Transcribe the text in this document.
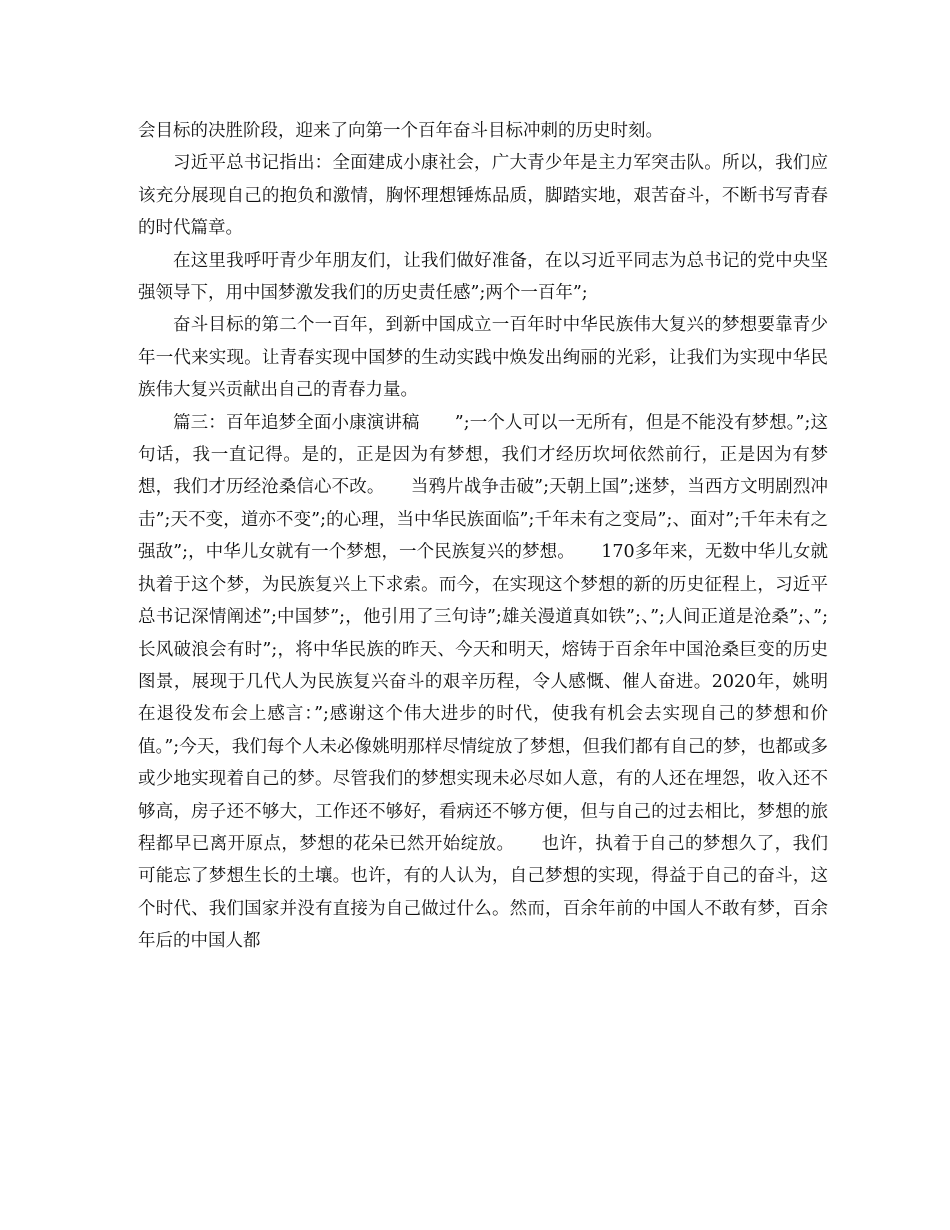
会目标的决胜阶段，迎来了向第一个百年奋斗目标冲刺的历史时刻。

习近平总书记指出：全面建成小康社会，广大青少年是主力军突击队。所以，我们应该充分展现自己的抱负和激情，胸怀理想锤炼品质，脚踏实地，艰苦奋斗，不断书写青春的时代篇章。

在这里我呼吁青少年朋友们，让我们做好准备，在以习近平同志为总书记的党中央坚强领导下，用中国梦激发我们的历史责任感”;两个一百年”;

奋斗目标的第二个一百年，到新中国成立一百年时中华民族伟大复兴的梦想要靠青少年一代来实现。让青春实现中国梦的生动实践中焕发出绚丽的光彩，让我们为实现中华民族伟大复兴贡献出自己的青春力量。

篇三：百年追梦全面小康演讲稿　　”;一个人可以一无所有，但是不能没有梦想。”;这句话，我一直记得。是的，正是因为有梦想，我们才经历坎坷依然前行，正是因为有梦想，我们才历经沧桑信心不改。　　当鸦片战争击破”;天朝上国”;迷梦，当西方文明剧烈冲击”;天不变，道亦不变”;的心理，当中华民族面临”;千年未有之变局”;、面对”;千年未有之强敌”;，中华儿女就有一个梦想，一个民族复兴的梦想。　　170多年来，无数中华儿女就执着于这个梦，为民族复兴上下求索。而今，在实现这个梦想的新的历史征程上，习近平总书记深情阐述”;中国梦”;，他引用了三句诗”;雄关漫道真如铁”;、”;人间正道是沧桑”;、”;长风破浪会有时”;，将中华民族的昨天、今天和明天，熔铸于百余年中国沧桑巨变的历史图景，展现于几代人为民族复兴奋斗的艰辛历程，令人感慨、催人奋进。2020年，姚明在退役发布会上感言：”;感谢这个伟大进步的时代，使我有机会去实现自己的梦想和价值。”;今天，我们每个人未必像姚明那样尽情绽放了梦想，但我们都有自己的梦，也都或多或少地实现着自己的梦。尽管我们的梦想实现未必尽如人意，有的人还在埋怨，收入还不够高，房子还不够大，工作还不够好，看病还不够方便，但与自己的过去相比，梦想的旅程都早已离开原点，梦想的花朵已然开始绽放。　　也许，执着于自己的梦想久了，我们可能忘了梦想生长的土壤。也许，有的人认为，自己梦想的实现，得益于自己的奋斗，这个时代、我们国家并没有直接为自己做过什么。然而，百余年前的中国人不敢有梦，百余年后的中国人都
